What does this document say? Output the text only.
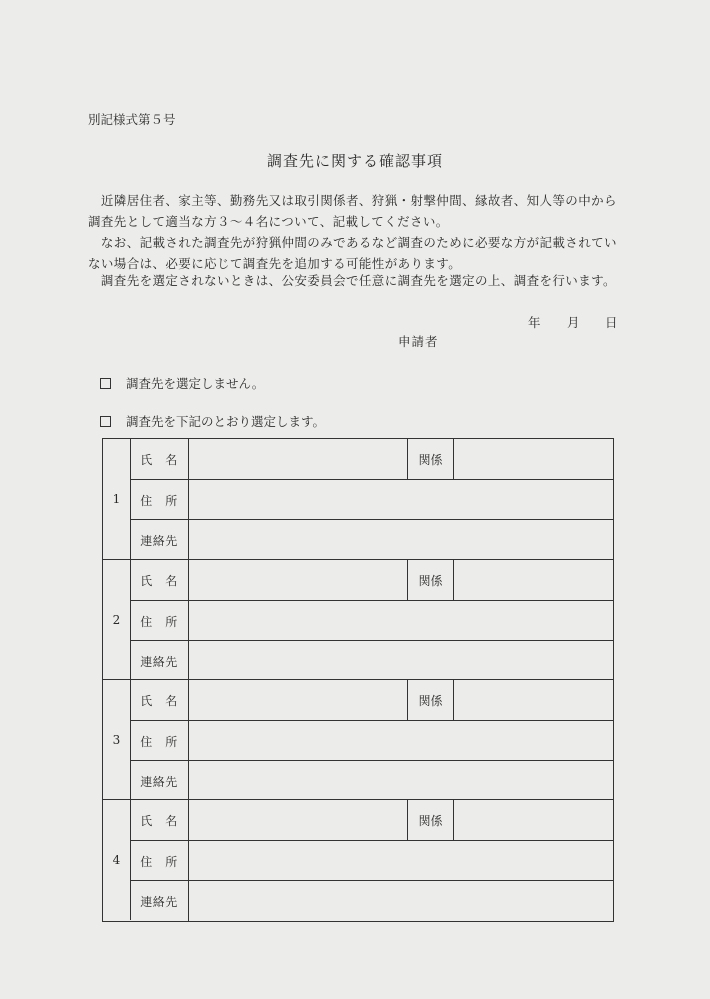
別記様式第５号
調査先に関する確認事項
　近隣居住者、家主等、勤務先又は取引関係者、狩猟・射撃仲間、縁故者、知人等の中から調査先として適当な方３～４名について、記載してください。
　なお、記載された調査先が狩猟仲間のみであるなど調査のために必要な方が記載されていない場合は、必要に応じて調査先を追加する可能性があります。
　調査先を選定されないときは、公安委員会で任意に調査先を選定の上、調査を行います。
年 月 日
申請者
調査先を選定しません。
調査先を下記のとおり選定します。
1
氏　名	関係
住　所
連絡先
2
氏　名	関係
住　所
連絡先
3
氏　名	関係
住　所
連絡先
4
氏　名	関係
住　所
連絡先
